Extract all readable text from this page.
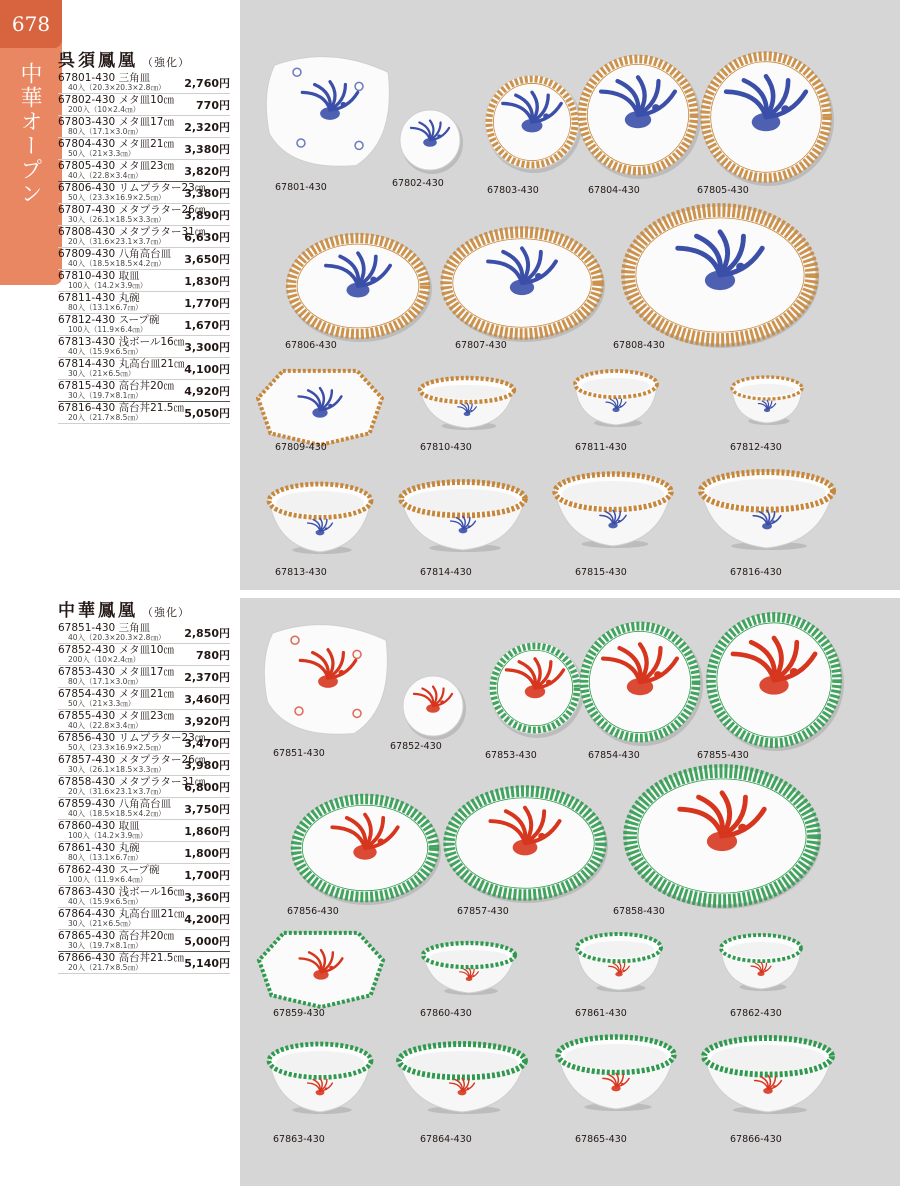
678
中華オープン
呉須鳳凰 （強化）
67801-430 三角皿
40入（20.3×20.3×2.8㎝） 2,760円
67802-430 メタ皿10㎝
200入（10×2.4㎝）	770円
67803-430 メタ皿17㎝
80入（17.1×3.0㎝）	2,320円
67804-430 メタ皿21㎝
50入（21×3.3㎝）	3,380円
67805-430 メタ皿23㎝
40入（22.8×3.4㎝）	3,820円
67806-430 リムプラター23㎝
50入（23.3×16.9×2.5㎝） 3,380円
67807-430 メタプラター26㎝
30入（26.1×18.5×3.3㎝） 3,890円
67808-430 メタプラター31㎝
20入（31.6×23.1×3.7㎝） 6,630円
67809-430 八角高台皿
40入（18.5×18.5×4.2㎝） 3,650円
67810-430 取皿
100入（14.2×3.9㎝）	1,830円
67811-430 丸碗
80入（13.1×6.7㎝）	1,770円
67812-430 スープ碗
100入（11.9×6.4㎝）	1,670円
67813-430 浅ボール16㎝
40入（15.9×6.5㎝）	3,300円
67814-430 丸高台皿21㎝
30入（21×6.5㎝）	4,100円
67815-430 高台丼20㎝
30入（19.7×8.1㎝）	4,920円
67816-430 高台丼21.5㎝
20入（21.7×8.5㎝）	5,050円
67801-430	67802-430
67803-430	67804-430	67805-430
67806-430	67807-430	67808-430
67809-430	67810-430	67811-430	67812-430
67813-430	67814-430	67815-430	67816-430
中華鳳凰 （強化）
67851-430 三角皿
40入（20.3×20.3×2.8㎝） 2,850円
67852-430 メタ皿10㎝
200入（10×2.4㎝）	780円
67853-430 メタ皿17㎝
80入（17.1×3.0㎝）	2,370円
67854-430 メタ皿21㎝
50入（21×3.3㎝）	3,460円
67855-430 メタ皿23㎝
40入（22.8×3.4㎝）	3,920円
67856-430 リムプラター23㎝
50入（23.3×16.9×2.5㎝） 3,470円
67857-430 メタプラター26㎝
30入（26.1×18.5×3.3㎝） 3,980円
67858-430 メタプラター31㎝
20入（31.6×23.1×3.7㎝） 6,800円
67859-430 八角高台皿
40入（18.5×18.5×4.2㎝） 3,750円
67860-430 取皿
100入（14.2×3.9㎝）	1,860円
67861-430 丸碗
80入（13.1×6.7㎝）	1,800円
67862-430 スープ碗
100入（11.9×6.4㎝）	1,700円
67863-430 浅ボール16㎝
40入（15.9×6.5㎝）	3,360円
67864-430 丸高台皿21㎝
30入（21×6.5㎝）	4,200円
67865-430 高台丼20㎝
30入（19.7×8.1㎝）	5,000円
67866-430 高台丼21.5㎝
20入（21.7×8.5㎝）	5,140円
67851-430
67852-430
67853-430	67854-430	67855-430
67856-430	67857-430	67858-430
67859-430	67860-430	67861-430	67862-430
67863-430	67864-430	67865-430	67866-430
